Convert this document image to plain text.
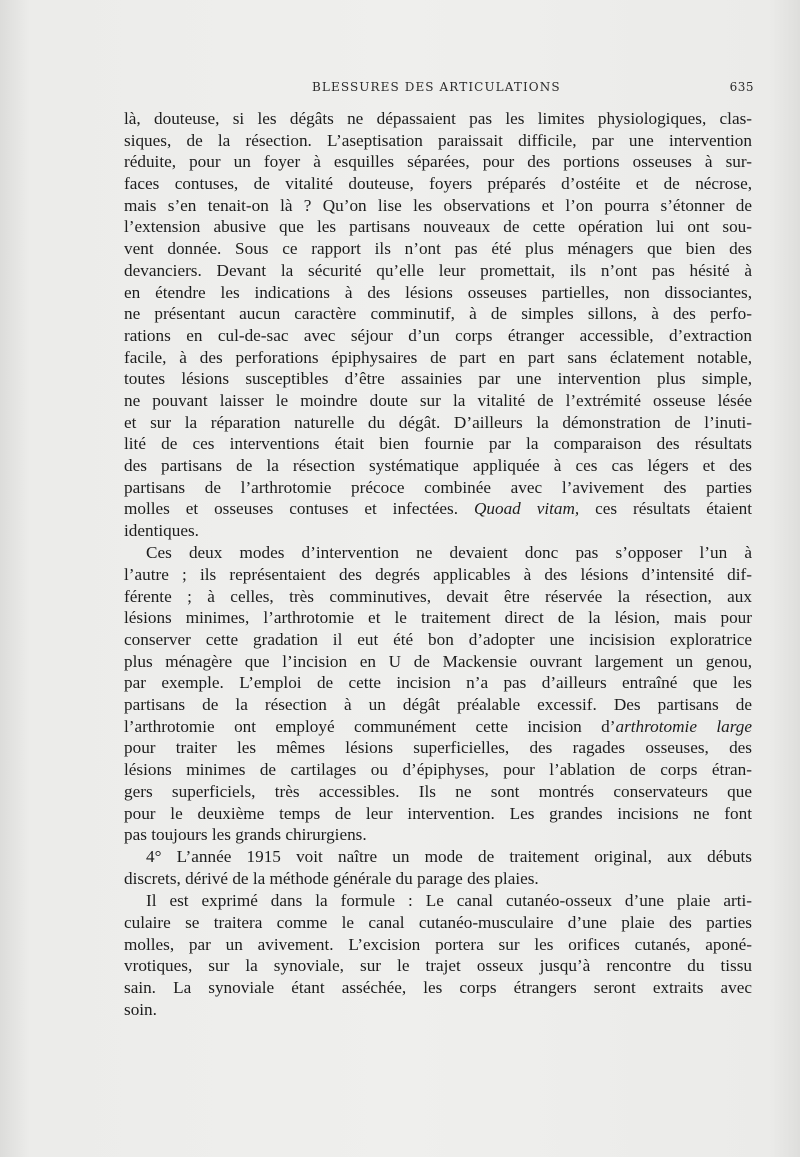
BLESSURES DES ARTICULATIONS	635
là, douteuse, si les dégâts ne dépassaient pas les limites physiologiques, clas-
siques, de la résection. L’aseptisation paraissait difficile, par une intervention
réduite, pour un foyer à esquilles séparées, pour des portions osseuses à sur-
faces contuses, de vitalité douteuse, foyers préparés d’ostéite et de nécrose,
mais s’en tenait-on là ? Qu’on lise les observations et l’on pourra s’étonner de
l’extension abusive que les partisans nouveaux de cette opération lui ont sou-
vent donnée. Sous ce rapport ils n’ont pas été plus ménagers que bien des
devanciers. Devant la sécurité qu’elle leur promettait, ils n’ont pas hésité à
en étendre les indications à des lésions osseuses partielles, non dissociantes,
ne présentant aucun caractère comminutif, à de simples sillons, à des perfo-
rations en cul-de-sac avec séjour d’un corps étranger accessible, d’extraction
facile, à des perforations épiphysaires de part en part sans éclatement notable,
toutes lésions susceptibles d’être assainies par une intervention plus simple,
ne pouvant laisser le moindre doute sur la vitalité de l’extrémité osseuse lésée
et sur la réparation naturelle du dégât. D’ailleurs la démonstration de l’inuti-
lité de ces interventions était bien fournie par la comparaison des résultats
des partisans de la résection systématique appliquée à ces cas légers et des
partisans de l’arthrotomie précoce combinée avec l’avivement des parties
molles et osseuses contuses et infectées. Quoad vitam, ces résultats étaient
identiques.
Ces deux modes d’intervention ne devaient donc pas s’opposer l’un à
l’autre ; ils représentaient des degrés applicables à des lésions d’intensité dif-
férente ; à celles, très comminutives, devait être réservée la résection, aux
lésions minimes, l’arthrotomie et le traitement direct de la lésion, mais pour
conserver cette gradation il eut été bon d’adopter une incisision exploratrice
plus ménagère que l’incision en U de Mackensie ouvrant largement un genou,
par exemple. L’emploi de cette incision n’a pas d’ailleurs entraîné que les
partisans de la résection à un dégât préalable excessif. Des partisans de
l’arthrotomie ont employé communément cette incision d’arthrotomie large
pour traiter les mêmes lésions superficielles, des ragades osseuses, des
lésions minimes de cartilages ou d’épiphyses, pour l’ablation de corps étran-
gers superficiels, très accessibles. Ils ne sont montrés conservateurs que
pour le deuxième temps de leur intervention. Les grandes incisions ne font
pas toujours les grands chirurgiens.
4° L’année 1915 voit naître un mode de traitement original, aux débuts
discrets, dérivé de la méthode générale du parage des plaies.
Il est exprimé dans la formule : Le canal cutanéo-osseux d’une plaie arti-
culaire se traitera comme le canal cutanéo-musculaire d’une plaie des parties
molles, par un avivement. L’excision portera sur les orifices cutanés, aponé-
vrotiques, sur la synoviale, sur le trajet osseux jusqu’à rencontre du tissu
sain. La synoviale étant asséchée, les corps étrangers seront extraits avec
soin.
